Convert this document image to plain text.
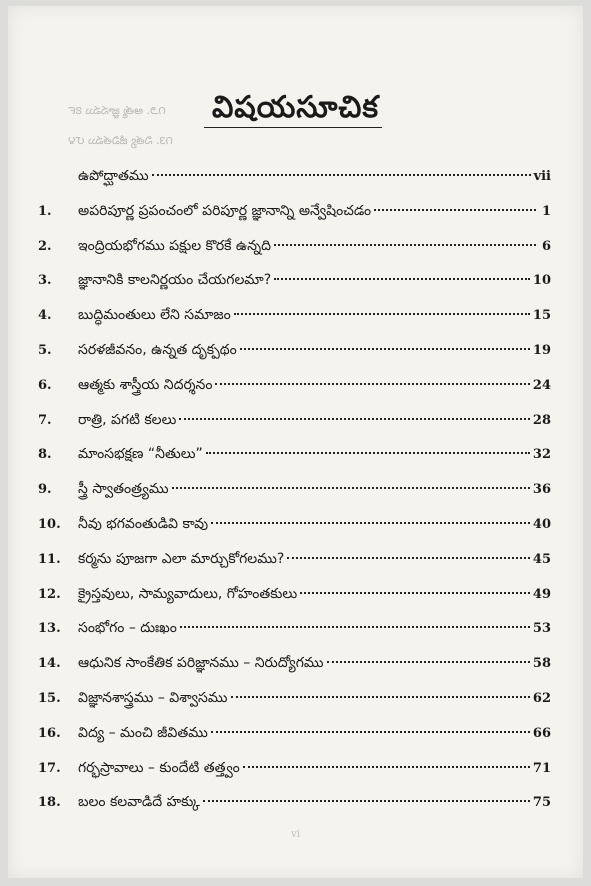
౧౨. ఆత్మ జ్ఞానము ౭౯
౧౩. నిత్య జీవితము ౮౪
విషయసూచిక
ఉపోద్ఘాతము	vii
1.	అపరిపూర్ణ ప్రపంచంలో పరిపూర్ణ జ్ఞానాన్ని అన్వేషించడం	1
2.	ఇంద్రియభోగము పక్షుల కొరకే ఉన్నది	6
3.	జ్ఞానానికి కాలనిర్ణయం చేయగలమా?	10
4.	బుద్ధిమంతులు లేని సమాజం	15
5.	సరళజీవనం, ఉన్నత దృక్పథం	19
6.	ఆత్మకు శాస్త్రీయ నిదర్శనం	24
7.	రాత్రి, పగటి కలలు	28
8.	మాంసభక్షణ “నీతులు”	32
9.	స్త్రీ స్వాతంత్ర్యము	36
10.	నీవు భగవంతుడివి కావు	40
11.	కర్మను పూజగా ఎలా మార్చుకోగలము?	45
12.	క్రైస్తవులు, సామ్యవాదులు, గోహంతకులు	49
13.	సంభోగం – దుఃఖం	53
14.	ఆధునిక సాంకేతిక పరిజ్ఞానము – నిరుద్యోగము	58
15.	విజ్ఞానశాస్త్రము – విశ్వాసము	62
16.	విద్య – మంచి జీవితము	66
17.	గర్భస్రావాలు – కుందేటి తత్త్వం	71
18.	బలం కలవాడిదే హక్కు	75
vi
